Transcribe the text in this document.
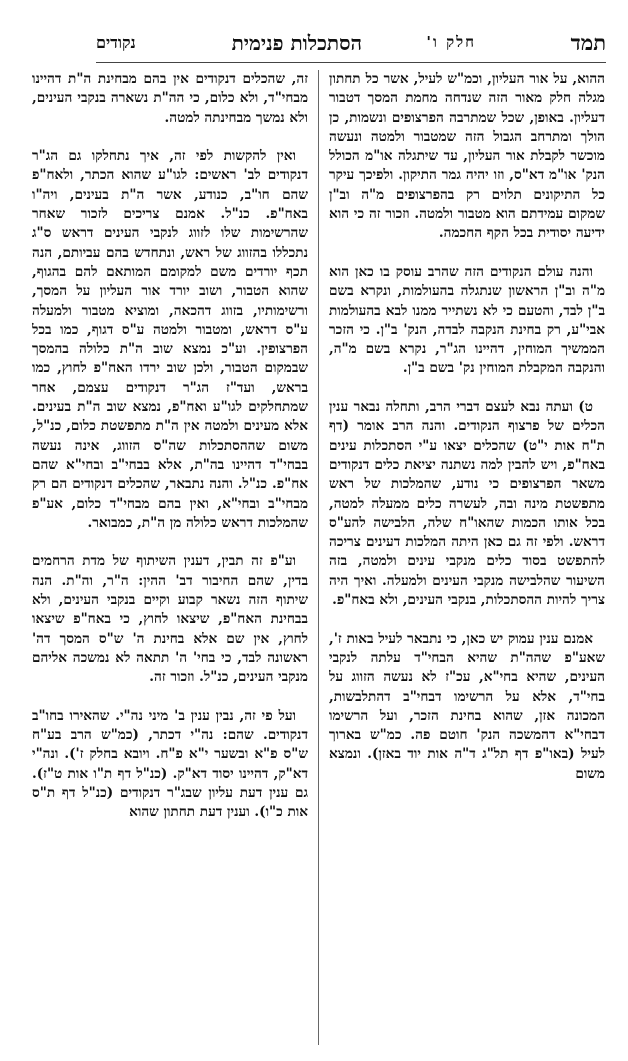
תמד
חלק ו'
הסתכלות פנימית
נקודים

ההוא, על אור העליון, וכמ"ש לעיל, אשר כל תחתון מגלה חלק מאור הזה שנדחה מחמת המסך דטבור דעליון. באופן, שכל שמתרבה הפרצופים ונשמות, כן הולך ומתרחב הגבול הזה שמטבור ולמטה ונעשה מוכשר לקבלת אור העליון, עד שיתגלה או"מ הכולל הנק' או"מ דא"ס, וזו יהיה גמר התיקון. ולפיכך עיקר כל התיקונים תלוים רק בהפרצופים מ"ה וב"ן שמקום עמידתם הוא מטבור ולמטה. וזכור זה כי הוא ידיעה יסודית בכל הקף החכמה.

והנה עולם הנקודים הזה שהרב עוסק בו כאן הוא מ"ה וב"ן הראשון שנתגלה בהעולמות, ונקרא בשם ב"ן לבד, והטעם כי לא נשתייר ממנו לבא בהעולמות אבי"ע, רק בחינת הנקבה לבדה, הנק' ב"ן. כי הזכר הממשיך המוחין, דהיינו הג"ר, נקרא בשם מ"ה, והנקבה המקבלת המוחין נק' בשם ב"ן.

ט) ועתה נבא לעצם דברי הרב, ותחלה נבאר ענין הכלים של פרצוף הנקודים. והנה הרב אומר (דף ת"ח אות י"ט) שהכלים יצאו ע"י הסתכלות עינים באח"פ, ויש להבין למה נשתנה יציאת כלים דנקודים משאר הפרצופים כי נודע, שהמלכות של ראש מתפשטת מינה ובה, לעשרה כלים ממעלה למטה, בכל אותו הכמות שהאו"ח שלה, הלבישה להע"ס דראש. ולפי זה גם כאן היתה המלכות דעינים צריכה להתפשט בסוד כלים מנקבי עינים ולמטה, בזה השיעור שהלבישה מנקבי העינים ולמעלה. ואיך היה צריך להיות ההסתכלות, בנקבי העינים, ולא באח"פ.

אמנם ענין עמוק יש כאן, כי נתבאר לעיל באות ז', שאע"פ שהה"ת שהיא הבחי"ד עלתה לנקבי העינים, שהיא בחי"א, עכ"ז לא נעשה הזווג על בחי"ד, אלא על הרשימו דבחי"ב דהתלבשות, המכונה אזן, שהוא בחינת הזכר, ועל הרשימו דבחי"א דהמשכה הנק' חוטם פה. כמ"ש בארוך לעיל (באו"פ דף תל"ג ד"ה אות יוד באזן). ונמצא משום

זה, שהכלים דנקודים אין בהם מבחינת ה"ת דהיינו מבחי"ד, ולא כלום, כי הה"ת נשארה בנקבי העינים, ולא נמשך מבחינתה למטה.

ואין להקשות לפי זה, איך נתחלקו גם הג"ר דנקודים לב' ראשים: לגו"ע שהוא הכתר, ולאח"פ שהם חו"ב, כנודע, אשר ה"ת בעינים, ויה"ו באח"פ. כנ"ל. אמנם צריכים לזכור שאחר שהרשימות שלו לזווג לנקבי העינים דראש ס"ג נתכללו בהזווג של ראש, ונתחדש בהם עביותם, הנה תכף יורדים משם למקומם המותאם להם בהגוף, שהוא הטבור, ושוב יורד אור העליון על המסך, ורשימותיו, בזווג דהכאה, ומוציא מטבור ולמעלה ע"ס דראש, ומטבור ולמטה ע"ס דגוף, כמו בכל הפרצופין. וע"כ נמצא שוב ה"ת כלולה בהמסך שבמקום הטבור, ולכן שוב ירדו האח"פ לחוץ, כמו בראש, ועד"ז הג"ר דנקודים עצמם, אחר שמתחלקים לגו"ע ואח"פ, נמצא שוב ה"ת בעינים. אלא מעינים ולמטה אין ה"ת מתפשטת כלום, כנ"ל, משום שההסתכלות שה"ס הזווג, אינה נעשה בבחי"ד דהיינו בה"ת, אלא בבחי"ב ובחי"א שהם אח"פ. כנ"ל. והנה נתבאר, שהכלים דנקודים הם רק מבחי"ב ובחי"א, ואין בהם מבחי"ד כלום, אע"פ שהמלכות דראש כלולה מן ה"ת, כמבואר.

וע"פ זה תבין, דענין השיתוף של מדת הרחמים בדין, שהם החיבור דב' ההין: ה"ר, וה"ת. הנה שיתוף הזה נשאר קבוע וקיים בנקבי העינים, ולא בבחינת האח"פ, שיצאו לחוץ, כי באח"פ שיצאו לחוץ, אין שם אלא בחינת ה' ש"ס המסך דה' ראשונה לבד, כי בחי' ה' תתאה לא נמשכה אליהם מנקבי העינים, כנ"ל. וזכור זה.

ועל פי זה, נבין ענין ב' מיני נה"י. שהאירו בחו"ב דנקודים. שהם: נה"י דכתר, (כמ"ש הרב בע"ח ש"ס פ"א ובשער י"א פ"ח. ויובא בחלק ז'). ונה"י דא"ק, דהיינו יסוד דא"ק. (כנ"ל דף ת"ו אות ט"ז). גם ענין דעת עליון שבג"ר דנקודים (כנ"ל דף ת"ס אות כ"ו). וענין דעת תחתון שהוא
